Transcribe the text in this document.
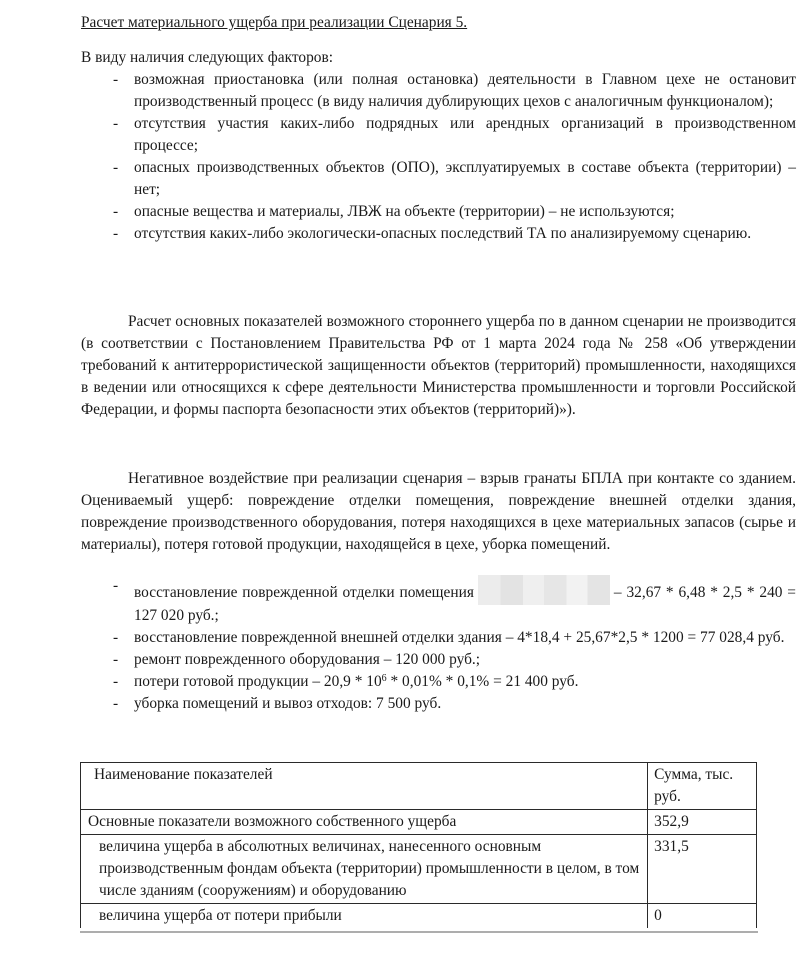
Расчет материального ущерба при реализации Сценария 5.
В виду наличия следующих факторов:
- возможная приостановка (или полная остановка) деятельности в Главном цехе не остановит производственный процесс (в виду наличия дублирующих цехов с аналогичным функционалом);
- отсутствия участия каких-либо подрядных или арендных организаций в производственном процессе;
- опасных производственных объектов (ОПО), эксплуатируемых в составе объекта (территории) – нет;
- опасные вещества и материалы, ЛВЖ на объекте (территории) – не используются;
- отсутствия каких-либо экологически-опасных последствий ТА по анализируемому сценарию.
Расчет основных показателей возможного стороннего ущерба по в данном сценарии не производится (в соответствии с Постановлением Правительства РФ от 1 марта 2024 года № 258 «Об утверждении требований к антитеррористической защищенности объектов (территорий) промышленности, находящихся в ведении или относящихся к сфере деятельности Министерства промышленности и торговли Российской Федерации, и формы паспорта безопасности этих объектов (территорий)»).
Негативное воздействие при реализации сценария – взрыв гранаты БПЛА при контакте со зданием. Оцениваемый ущерб: повреждение отделки помещения, повреждение внешней отделки здания, повреждение производственного оборудования, потеря находящихся в цехе материальных запасов (сырье и материалы), потеря готовой продукции, находящейся в цехе, уборка помещений.
- восстановление поврежденной отделки помещения	– 32,67 * 6,48 * 2,5 * 240 = 127 020 руб.;
- восстановление поврежденной внешней отделки здания – 4*18,4 + 25,67*2,5 * 1200 = 77 028,4 руб.
- ремонт поврежденного оборудования – 120 000 руб.;
- потери готовой продукции – $20,9 * 10^6 * 0,01\% * 0,1\% = 21$ 400 руб.
- уборка помещений и вывоз отходов: 7 500 руб.
Наименование показателей	Сумма, тыс. руб.
Основные показатели возможного собственного ущерба	352,9
величина ущерба в абсолютных величинах, нанесенного основным производственным фондам объекта (территории) промышленности в целом, в том числе зданиям (сооружениям) и оборудованию	331,5
величина ущерба от потери прибыли	0
